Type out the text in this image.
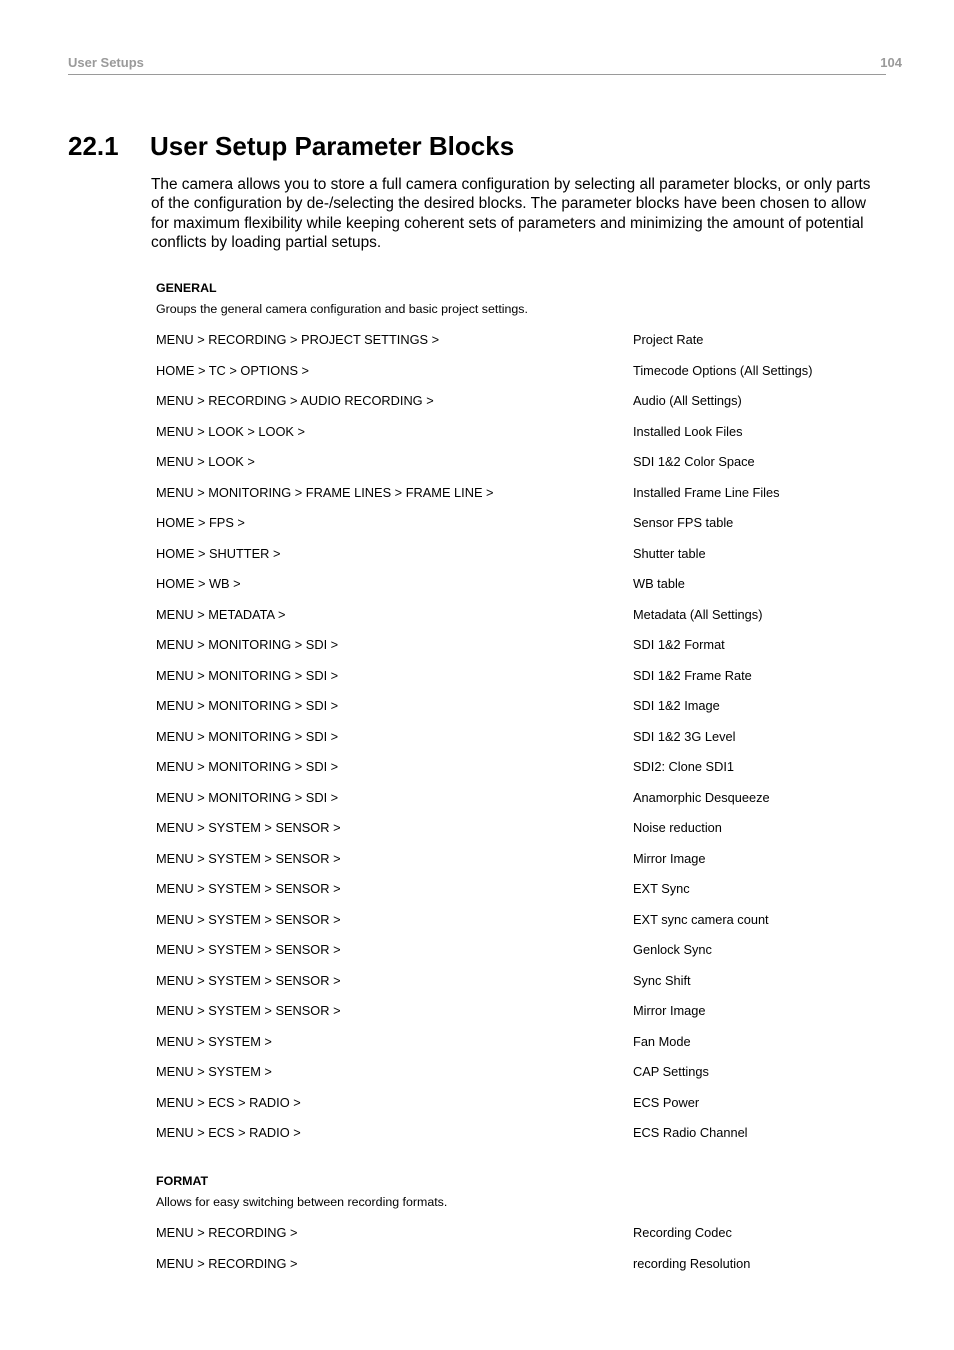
User Setups	104
22.1 User Setup Parameter Blocks
The camera allows you to store a full camera configuration by selecting all parameter blocks, or only parts of the configuration by de-/selecting the desired blocks. The parameter blocks have been chosen to allow for maximum flexibility while keeping coherent sets of parameters and minimizing the amount of potential conflicts by loading partial setups.
GENERAL
Groups the general camera configuration and basic project settings.
FORMAT
Allows for easy switching between recording formats.
MENU > RECORDING > PROJECT SETTINGS >	Project Rate
HOME > TC > OPTIONS >	Timecode Options (All Settings)
MENU > RECORDING > AUDIO RECORDING >	Audio (All Settings)
MENU > LOOK > LOOK >	Installed Look Files
MENU > LOOK >	SDI 1&2 Color Space
MENU > MONITORING > FRAME LINES > FRAME LINE >	Installed Frame Line Files
HOME > FPS >	Sensor FPS table
HOME > SHUTTER >	Shutter table
HOME > WB >	WB table
MENU > METADATA >	Metadata (All Settings)
MENU > MONITORING > SDI >	SDI 1&2 Format
MENU > MONITORING > SDI >	SDI 1&2 Frame Rate
MENU > MONITORING > SDI >	SDI 1&2 Image
MENU > MONITORING > SDI >	SDI 1&2 3G Level
MENU > MONITORING > SDI >	SDI2: Clone SDI1
MENU > MONITORING > SDI >	Anamorphic Desqueeze
MENU > SYSTEM > SENSOR >	Noise reduction
MENU > SYSTEM > SENSOR >	Mirror Image
MENU > SYSTEM > SENSOR >	EXT Sync
MENU > SYSTEM > SENSOR >	EXT sync camera count
MENU > SYSTEM > SENSOR >	Genlock Sync
MENU > SYSTEM > SENSOR >	Sync Shift
MENU > SYSTEM > SENSOR >	Mirror Image
MENU > SYSTEM >	Fan Mode
MENU > SYSTEM >	CAP Settings
MENU > ECS > RADIO >	ECS Power
MENU > ECS > RADIO >	ECS Radio Channel
MENU > RECORDING >	Recording Codec
MENU > RECORDING >	recording Resolution
